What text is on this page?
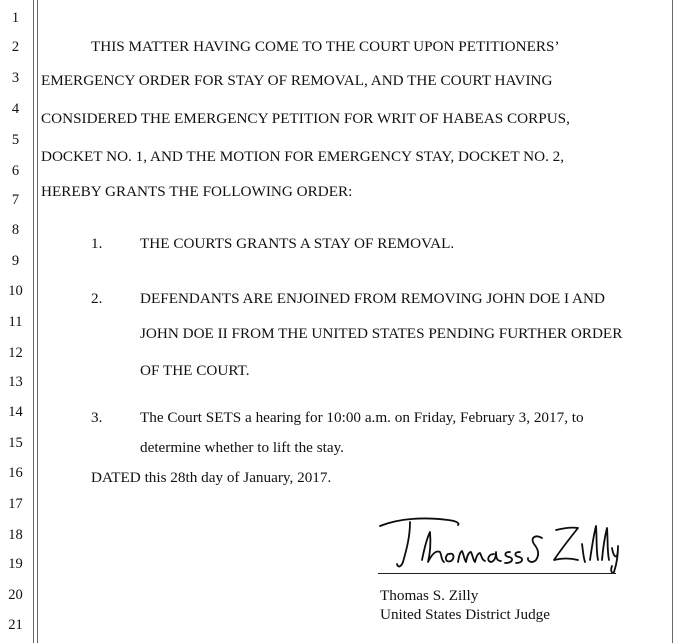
1
2
3
4
5
6
7
8
9
10
11
12
13
14
15
16
17
18
19
20
21
THIS MATTER HAVING COME TO THE COURT UPON PETITIONERS’
EMERGENCY ORDER FOR STAY OF REMOVAL, AND THE COURT HAVING
CONSIDERED THE EMERGENCY PETITION FOR WRIT OF HABEAS CORPUS,
DOCKET NO. 1, AND THE MOTION FOR EMERGENCY STAY, DOCKET NO. 2,
HEREBY GRANTS THE FOLLOWING ORDER:
1. THE COURTS GRANTS A STAY OF REMOVAL.
2. DEFENDANTS ARE ENJOINED FROM REMOVING JOHN DOE I AND
JOHN DOE II FROM THE UNITED STATES PENDING FURTHER ORDER
OF THE COURT.
3. The Court SETS a hearing for 10:00 a.m. on Friday, February 3, 2017, to
determine whether to lift the stay.
DATED this 28th day of January, 2017.
Thomas S. Zilly
United States District Judge
